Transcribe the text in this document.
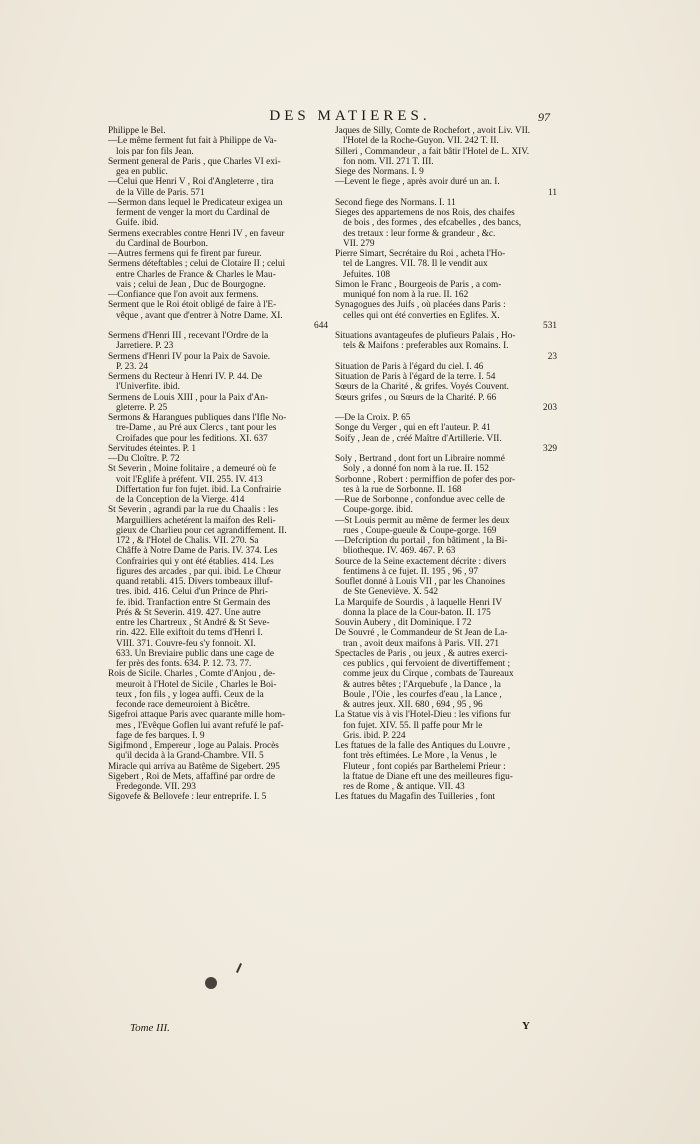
DES MATIERES.	97
Philippe le Bel.
—Le même ferment fut fait à Philippe de Va-
lois par fon fils Jean.
Serment general de Paris , que Charles VI exi-
gea en public.
—Celui que Henri V , Roi d'Angleterre , tira
de la Ville de Paris. 571
—Sermon dans lequel le Predicateur exigea un
ferment de venger la mort du Cardinal de
Guife. ibid.
Sermens execrables contre Henri IV , en faveur
du Cardinal de Bourbon.
—Autres fermens qui fe firent par fureur.
Sermens déteftables ; celui de Clotaire II ; celui
entre Charles de France & Charles le Mau-
vais ; celui de Jean , Duc de Bourgogne.
—Confiance que l'on avoit aux fermens.
Serment que le Roi étoit obligé de faire à l'E-
vêque , avant que d'entrer à Notre Dame. XI.
644
Sermens d'Henri III , recevant l'Ordre de la
Jarretiere. P. 23
Sermens d'Henri IV pour la Paix de Savoie.
P. 23. 24
Sermens du Recteur à Henri IV. P. 44. De
l'Univerfite. ibid.
Sermens de Louis XIII , pour la Paix d'An-
gleterre. P. 25
Sermons & Harangues publiques dans l'Ifle No-
tre-Dame , au Pré aux Clercs , tant pour les
Croifades que pour les feditions. XI. 637
Servitudes éteintes. P. 1
—Du Cloître. P. 72
St Severin , Moine folitaire , a demeuré où fe
voit l'Eglife à préfent. VII. 255. IV. 413
Differtation fur fon fujet. ibid. La Confrairie
de la Conception de la Vierge. 414
St Severin , agrandi par la rue du Chaalis : les
Marguilliers achetérent la maifon des Reli-
gieux de Charlieu pour cet agrandiffement. II.
172 , & l'Hotel de Chalis. VII. 270. Sa
Châffe à Notre Dame de Paris. IV. 374. Les
Confrairies qui y ont été établies. 414. Les
figures des arcades , par qui. ibid. Le Chœur
quand retabli. 415. Divers tombeaux illuf-
tres. ibid. 416. Celui d'un Prince de Phri-
fe. ibid. Tranfaction entre St Germain des
Prés & St Severin. 419. 427. Une autre
entre les Chartreux , St André & St Seve-
rin. 422. Elle exiftoit du tems d'Henri I.
VIII. 371. Couvre-feu s'y fonnoit. XI.
633. Un Breviaire public dans une cage de
fer près des fonts. 634. P. 12. 73. 77.
Rois de Sicile. Charles , Comte d'Anjou , de-
meuroit à l'Hotel de Sicile , Charles le Boi-
teux , fon fils , y logea auffi. Ceux de la
feconde race demeuroient à Bicêtre.
Sigefroi attaque Paris avec quarante mille hom-
mes , l'Evêque Goflen lui avant refufé le paf-
fage de fes barques. I. 9
Sigifmond , Empereur , loge au Palais. Procès
qu'il decida à la Grand-Chambre. VII. 5
Miracle qui arriva au Batême de Sigebert. 295
Sigebert , Roi de Mets, affaffiné par ordre de
Fredegonde. VII. 293
Sigovefe & Bellovefe : leur entreprife. I. 5
Jaques de Silly, Comte de Rochefort , avoit Liv. VII.
l'Hotel de la Roche-Guyon. VII. 242 T. II.
Silleri , Commandeur , a fait bâtir l'Hotel de L. XIV.
fon nom. VII. 271 T. III.
Siege des Normans. I. 9
—Levent le fiege , après avoir duré un an. I.
11
Second fiege des Normans. I. 11
Sieges des appartemens de nos Rois, des chaifes
de bois , des formes , des efcabelles , des bancs,
des tretaux : leur forme & grandeur , &c.
VII. 279
Pierre Simart, Secrétaire du Roi , acheta l'Ho-
tel de Langres. VII. 78. Il le vendit aux
Jefuites. 108
Simon le Franc , Bourgeois de Paris , a com-
muniqué fon nom à la rue. II. 162
Synagogues des Juifs , où placées dans Paris :
celles qui ont été converties en Eglifes. X.
531
Situations avantageufes de plufieurs Palais , Ho-
tels & Maifons : preferables aux Romains. I.
23
Situation de Paris à l'égard du ciel. I. 46
Situation de Paris à l'égard de la terre. I. 54
Sœurs de la Charité , & grifes. Voyés Couvent.
Sœurs grifes , ou Sœurs de la Charité. P. 66
203
—De la Croix. P. 65
Songe du Verger , qui en eft l'auteur. P. 41
Soify , Jean de , créé Maître d'Artillerie. VII.
329
Soly , Bertrand , dont fort un Libraire nommé
Soly , a donné fon nom à la rue. II. 152
Sorbonne , Robert : permiffion de pofer des por-
tes à la rue de Sorbonne. II. 168
—Rue de Sorbonne , confondue avec celle de
Coupe-gorge. ibid.
—St Louis permit au même de fermer les deux
rues , Coupe-gueule & Coupe-gorge. 169
—Defcription du portail , fon bâtiment , la Bi-
bliotheque. IV. 469. 467. P. 63
Source de la Seine exactement décrite : divers
fentimens à ce fujet. II. 195 , 96 , 97
Souflet donné à Louis VII , par les Chanoines
de Ste Geneviève. X. 542
La Marquife de Sourdis , à laquelle Henri IV
donna la place de la Cour-baton. II. 175
Souvin Aubery , dit Dominique. I 72
De Souvré , le Commandeur de St Jean de La-
tran , avoit deux maifons à Paris. VII. 271
Spectacles de Paris , ou jeux , & autres exerci-
ces publics , qui fervoient de divertiffement ;
comme jeux du Cirque , combats de Taureaux
& autres bêtes ; l'Arquebufe , la Dance , la
Boule , l'Oie , les courfes d'eau , la Lance ,
& autres jeux. XII. 680 , 694 , 95 , 96
La Statue vis à vis l'Hotel-Dieu : les vifions fur
fon fujet. XIV. 55. Il paffe pour Mr le
Gris. ibid. P. 224
Les ftatues de la falle des Antiques du Louvre ,
font très eftimées. Le More , la Venus , le
Fluteur , font copiés par Barthelemi Prieur :
la ftatue de Diane eft une des meilleures figu-
res de Rome , & antique. VII. 43
Les ftatues du Magafin des Tuilleries , font
Tome III.	Y
